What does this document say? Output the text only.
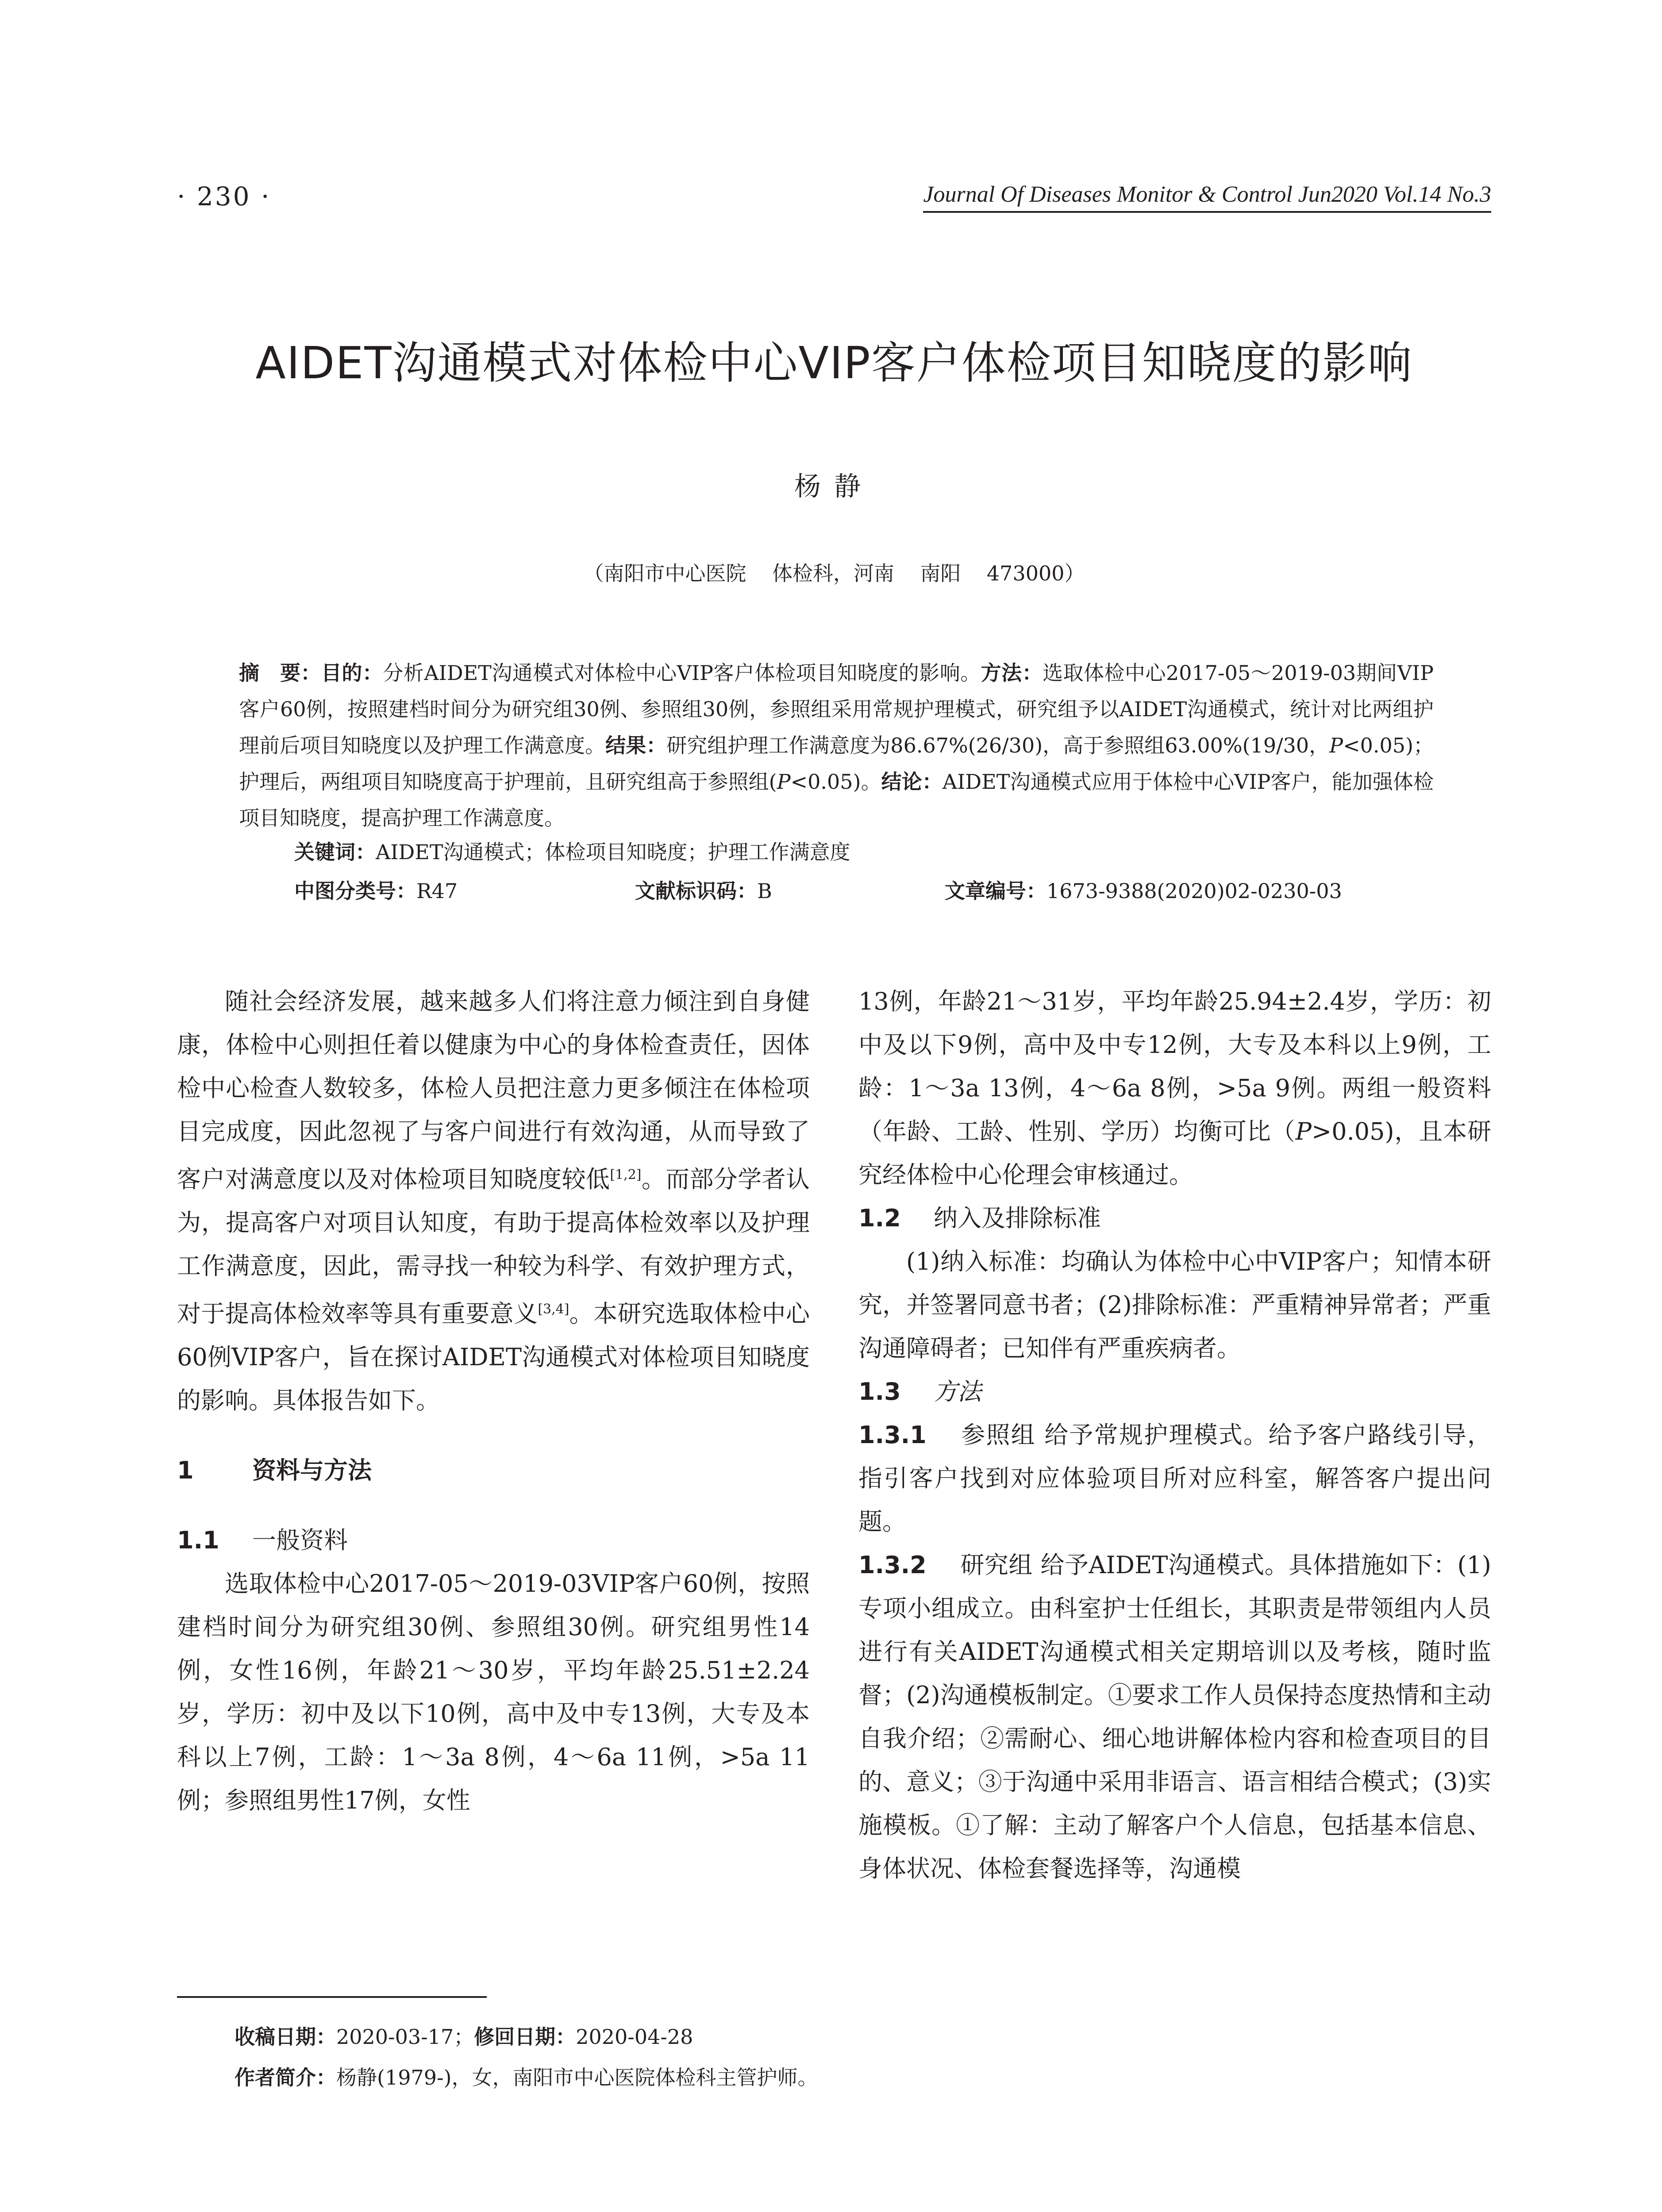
· 230 ·	Journal Of Diseases Monitor & Control Jun2020 Vol.14 No.3
AIDET沟通模式对体检中心VIP客户体检项目知晓度的影响
杨静
（南阳市中心医院    体检科，河南    南阳    473000）
摘　要：目的：分析AIDET沟通模式对体检中心VIP客户体检项目知晓度的影响。方法：选取体检中心2017-05～2019-03期间VIP客户60例，按照建档时间分为研究组30例、参照组30例，参照组采用常规护理模式，研究组予以AIDET沟通模式，统计对比两组护理前后项目知晓度以及护理工作满意度。结果：研究组护理工作满意度为86.67%(26/30)，高于参照组63.00%(19/30，P<0.05)；护理后，两组项目知晓度高于护理前，且研究组高于参照组(P<0.05)。结论：AIDET沟通模式应用于体检中心VIP客户，能加强体检项目知晓度，提高护理工作满意度。
关键词：AIDET沟通模式；体检项目知晓度；护理工作满意度
中图分类号：R47	文献标识码：B	文章编号：1673-9388(2020)02-0230-03

随社会经济发展，越来越多人们将注意力倾注到自身健康，体检中心则担任着以健康为中心的身体检查责任，因体检中心检查人数较多，体检人员把注意力更多倾注在体检项目完成度，因此忽视了与客户间进行有效沟通，从而导致了客户对满意度以及对体检项目知晓度较低[1,2]。而部分学者认为，提高客户对项目认知度，有助于提高体检效率以及护理工作满意度，因此，需寻找一种较为科学、有效护理方式，对于提高体检效率等具有重要意义[3,4]。本研究选取体检中心60例VIP客户，旨在探讨AIDET沟通模式对体检项目知晓度的影响。具体报告如下。

1 资料与方法

1.1 一般资料

选取体检中心2017-05～2019-03VIP客户60例，按照建档时间分为研究组30例、参照组30例。研究组男性14例，女性16例，年龄21～30岁，平均年龄25.51±2.24岁，学历：初中及以下10例，高中及中专13例，大专及本科以上7例，工龄：1～3a 8例，4～6a 11例，>5a 11例；参照组男性17例，女性

13例，年龄21～31岁，平均年龄25.94±2.4岁，学历：初中及以下9例，高中及中专12例，大专及本科以上9例，工龄：1～3a 13例，4～6a 8例，>5a 9例。两组一般资料（年龄、工龄、性别、学历）均衡可比（P>0.05)，且本研究经体检中心伦理会审核通过。

1.2 纳入及排除标准

(1)纳入标准：均确认为体检中心中VIP客户；知情本研究，并签署同意书者；(2)排除标准：严重精神异常者；严重沟通障碍者；已知伴有严重疾病者。

1.3 方法

1.3.1 参照组 给予常规护理模式。给予客户路线引导，指引客户找到对应体验项目所对应科室，解答客户提出问题。

1.3.2 研究组 给予AIDET沟通模式。具体措施如下：(1)专项小组成立。由科室护士任组长，其职责是带领组内人员进行有关AIDET沟通模式相关定期培训以及考核，随时监督；(2)沟通模板制定。①要求工作人员保持态度热情和主动自我介绍；②需耐心、细心地讲解体检内容和检查项目的目的、意义；③于沟通中采用非语言、语言相结合模式；(3)实施模板。①了解：主动了解客户个人信息，包括基本信息、身体状况、体检套餐选择等，沟通模

收稿日期：2020-03-17；修回日期：2020-04-28
作者简介：杨静(1979-)，女，南阳市中心医院体检科主管护师。
